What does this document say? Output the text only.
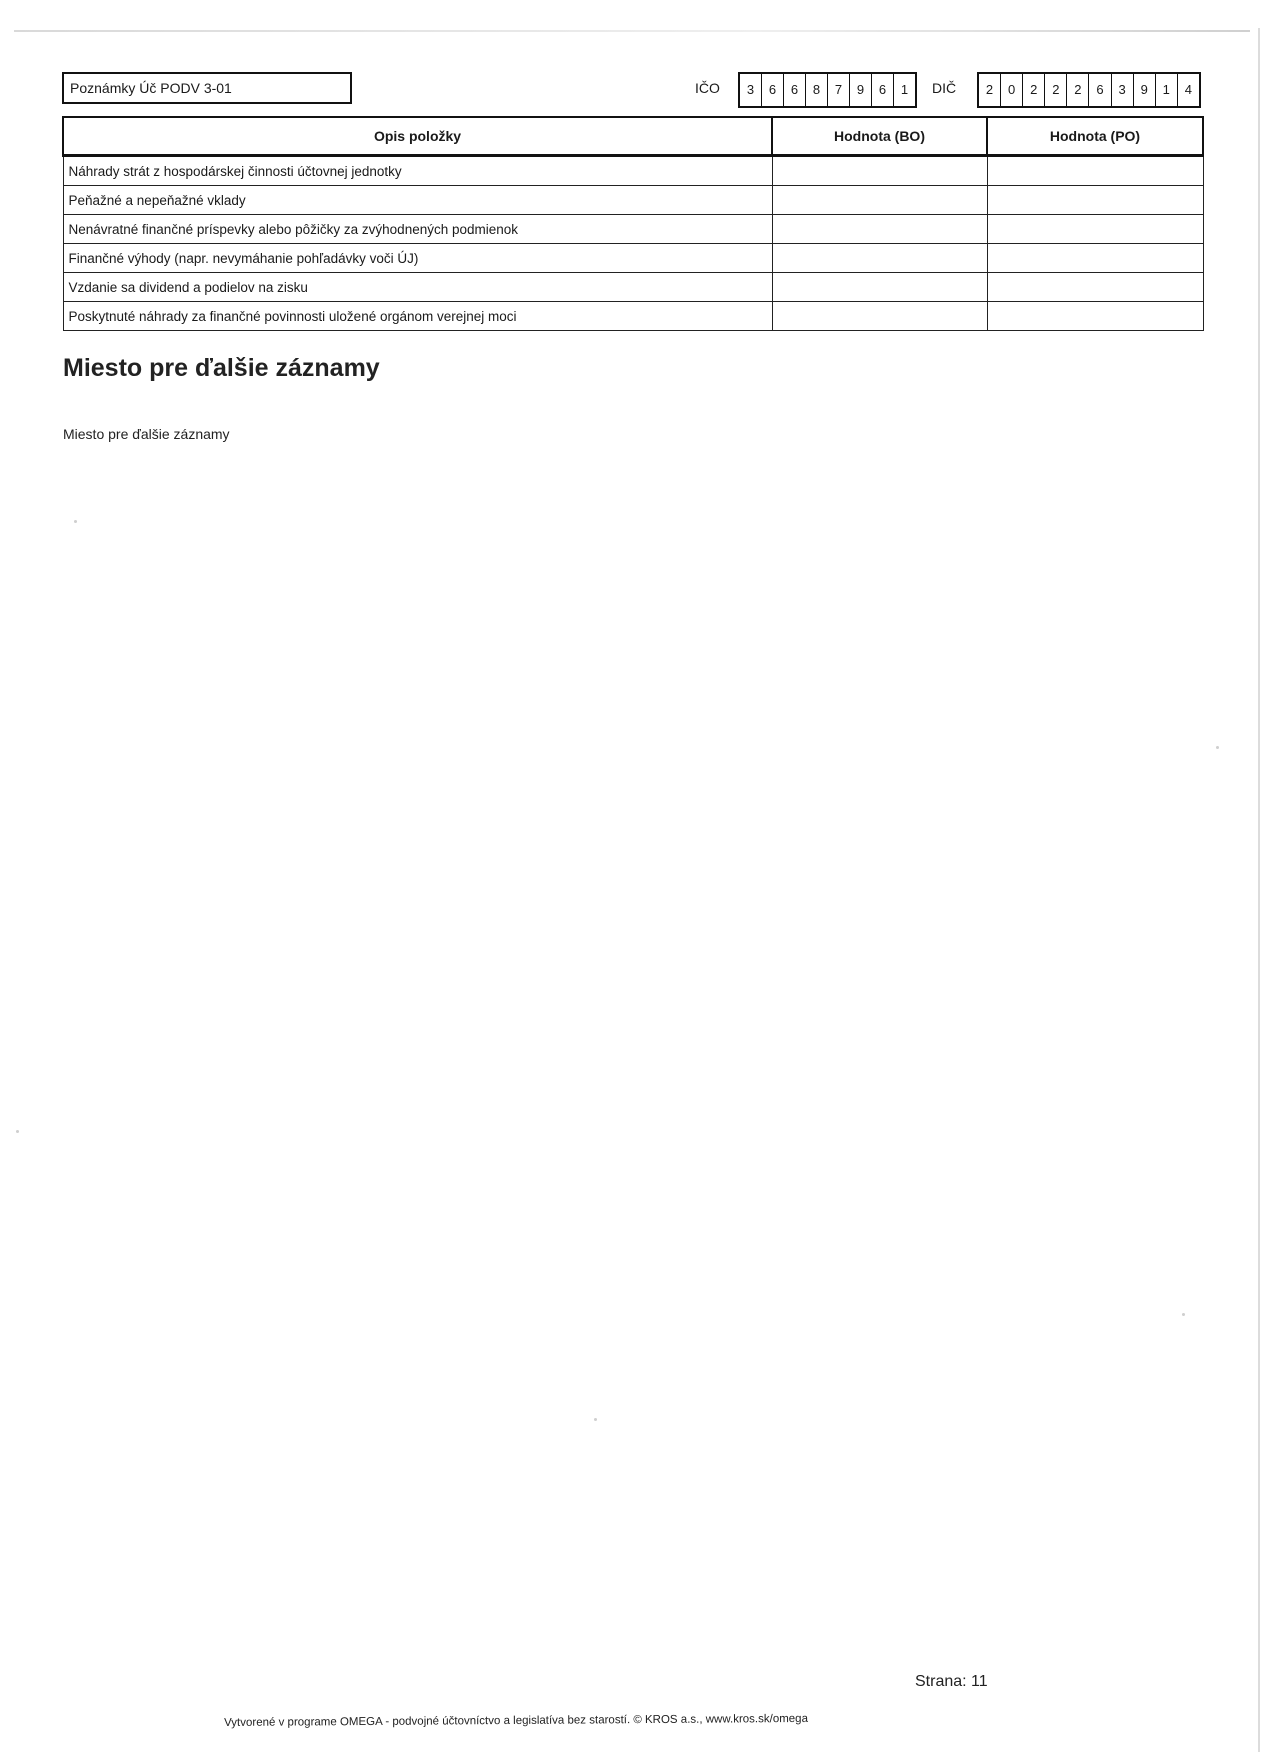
Poznámky Úč PODV 3-01	IČO	3	6	6	8	7	9	6	1	DIČ	2	0	2	2	2	6	3	9	1	4
Opis položky	Hodnota (BO)	Hodnota (PO)
Náhrady strát z hospodárskej činnosti účtovnej jednotky		
Peňažné a nepeňažné vklady		
Nenávratné finančné príspevky alebo pôžičky za zvýhodnených podmienok		
Finančné výhody (napr. nevymáhanie pohľadávky voči ÚJ)		
Vzdanie sa dividend a podielov na zisku		
Poskytnuté náhrady za finančné povinnosti uložené orgánom verejnej moci		
Miesto pre ďalšie záznamy
Miesto pre ďalšie záznamy
Vytvorené v programe OMEGA - podvojné účtovníctvo a legislatíva bez starostí. © KROS a.s., www.kros.sk/omega
Strana: 11
